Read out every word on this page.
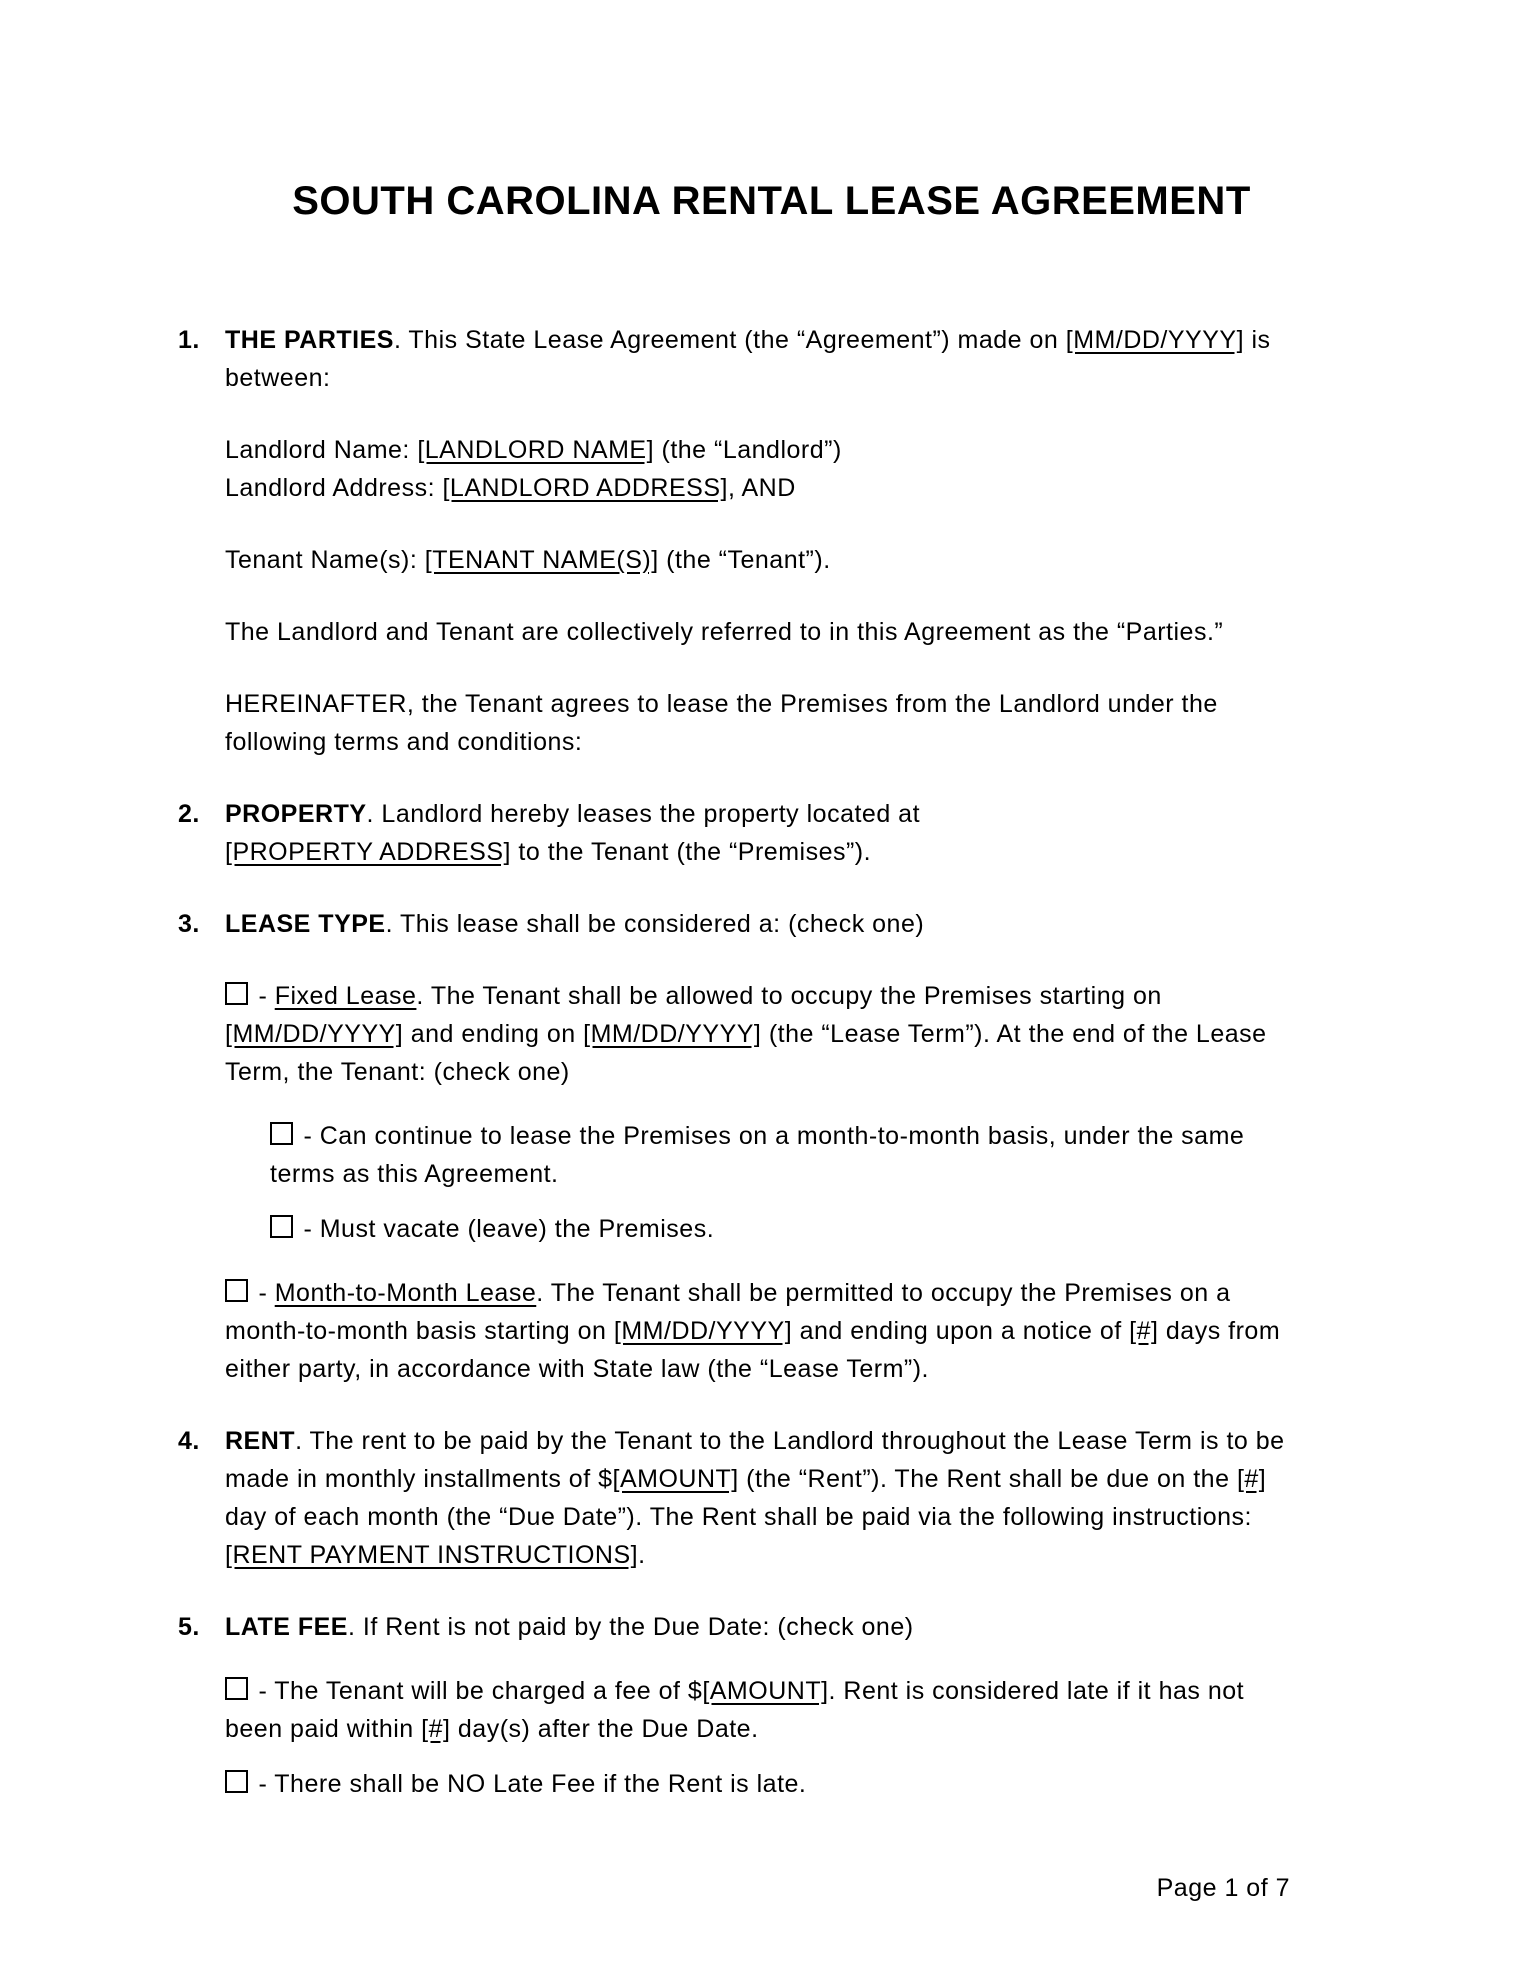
SOUTH CAROLINA RENTAL LEASE AGREEMENT
1.	THE PARTIES. This State Lease Agreement (the “Agreement”) made on [MM/DD/YYYY] is
between:
Landlord Name: [LANDLORD NAME] (the “Landlord”)
Landlord Address: [LANDLORD ADDRESS], AND
Tenant Name(s): [TENANT NAME(S)] (the “Tenant”).
The Landlord and Tenant are collectively referred to in this Agreement as the “Parties.”
HEREINAFTER, the Tenant agrees to lease the Premises from the Landlord under the
following terms and conditions:
2.	PROPERTY. Landlord hereby leases the property located at
[PROPERTY ADDRESS] to the Tenant (the “Premises”).
3.	LEASE TYPE. This lease shall be considered a: (check one)
- Fixed Lease. The Tenant shall be allowed to occupy the Premises starting on
[MM/DD/YYYY] and ending on [MM/DD/YYYY] (the “Lease Term”). At the end of the Lease
Term, the Tenant: (check one)
- Can continue to lease the Premises on a month-to-month basis, under the same
terms as this Agreement.
- Must vacate (leave) the Premises.
- Month-to-Month Lease. The Tenant shall be permitted to occupy the Premises on a
month-to-month basis starting on [MM/DD/YYYY] and ending upon a notice of [#] days from
either party, in accordance with State law (the “Lease Term”).
4.	RENT. The rent to be paid by the Tenant to the Landlord throughout the Lease Term is to be
made in monthly installments of $[AMOUNT] (the “Rent”). The Rent shall be due on the [#]
day of each month (the “Due Date”). The Rent shall be paid via the following instructions:
[RENT PAYMENT INSTRUCTIONS].
5.	LATE FEE. If Rent is not paid by the Due Date: (check one)
- The Tenant will be charged a fee of $[AMOUNT]. Rent is considered late if it has not
been paid within [#] day(s) after the Due Date.
- There shall be NO Late Fee if the Rent is late.
Page 1 of 7
